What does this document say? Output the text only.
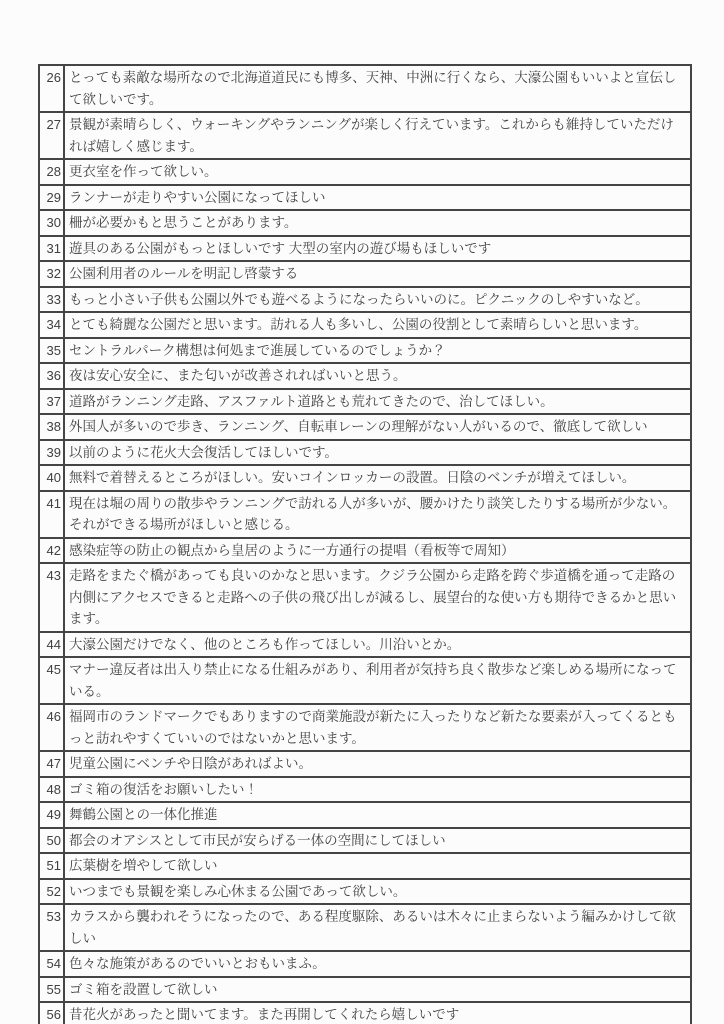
26	とっても素敵な場所なので北海道道民にも博多、天神、中洲に行くなら、大濠公園もいいよと宣伝して欲しいです。
27	景観が素晴らしく、ウォーキングやランニングが楽しく行えています。これからも維持していただければ嬉しく感じます。
28	更衣室を作って欲しい。
29	ランナーが走りやすい公園になってほしい
30	柵が必要かもと思うことがあります。
31	遊具のある公園がもっとほしいです 大型の室内の遊び場もほしいです
32	公園利用者のルールを明記し啓蒙する
33	もっと小さい子供も公園以外でも遊べるようになったらいいのに。ピクニックのしやすいなど。
34	とても綺麗な公園だと思います。訪れる人も多いし、公園の役割として素晴らしいと思います。
35	セントラルパーク構想は何処まで進展しているのでしょうか？
36	夜は安心安全に、また匂いが改善されればいいと思う。
37	道路がランニング走路、アスファルト道路とも荒れてきたので、治してほしい。
38	外国人が多いので歩き、ランニング、自転車レーンの理解がない人がいるので、徹底して欲しい
39	以前のように花火大会復活してほしいです。
40	無料で着替えるところがほしい。安いコインロッカーの設置。日陰のベンチが増えてほしい。
41	現在は堀の周りの散歩やランニングで訪れる人が多いが、腰かけたり談笑したりする場所が少ない。それができる場所がほしいと感じる。
42	感染症等の防止の観点から皇居のように一方通行の提唱（看板等で周知）
43	走路をまたぐ橋があっても良いのかなと思います。クジラ公園から走路を跨ぐ歩道橋を通って走路の内側にアクセスできると走路への子供の飛び出しが減るし、展望台的な使い方も期待できるかと思います。
44	大濠公園だけでなく、他のところも作ってほしい。川沿いとか。
45	マナー違反者は出入り禁止になる仕組みがあり、利用者が気持ち良く散歩など楽しめる場所になっている。
46	福岡市のランドマークでもありますので商業施設が新たに入ったりなど新たな要素が入ってくるともっと訪れやすくていいのではないかと思います。
47	児童公園にベンチや日陰があればよい。
48	ゴミ箱の復活をお願いしたい！
49	舞鶴公園との一体化推進
50	都会のオアシスとして市民が安らげる一体の空間にしてほしい
51	広葉樹を増やして欲しい
52	いつまでも景観を楽しみ心休まる公園であって欲しい。
53	カラスから襲われそうになったので、ある程度駆除、あるいは木々に止まらないよう編みかけして欲しい
54	色々な施策があるのでいいとおもいまふ。
55	ゴミ箱を設置して欲しい
56	昔花火があったと聞いてます。また再開してくれたら嬉しいです
